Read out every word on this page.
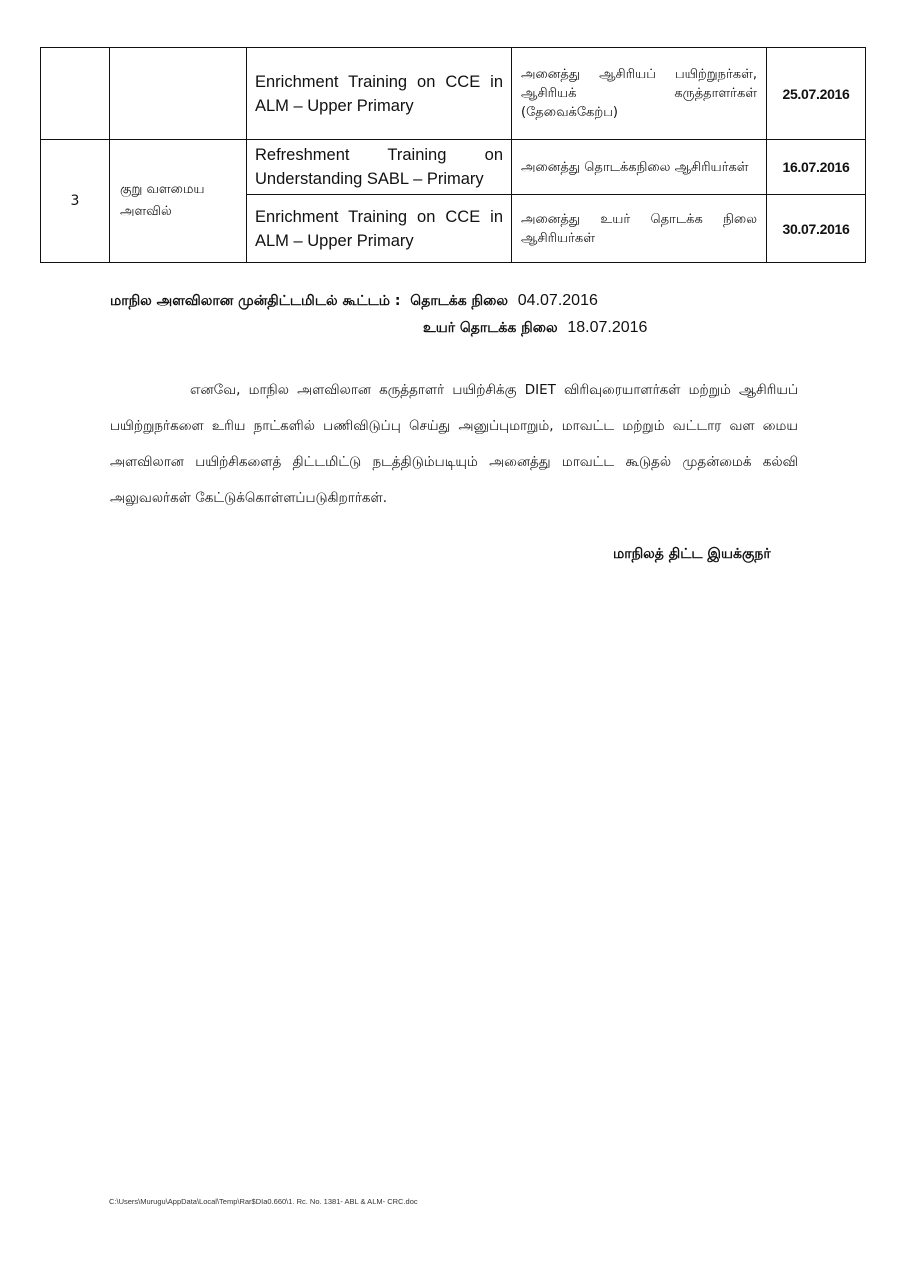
		Enrichment Training on CCE in ALM – Upper Primary	அனைத்து ஆசிரியப் பயிற்றுநர்கள், ஆசிரியக் கருத்தாளர்கள் (தேவைக்கேற்ப)	25.07.2016
3	குறு வளமைய அளவில்	Refreshment Training on Understanding SABL – Primary	அனைத்து தொடக்கநிலை ஆசிரியர்கள்	16.07.2016
		Enrichment Training on CCE in ALM – Upper Primary	அனைத்து உயர் தொடக்க நிலை ஆசிரியர்கள்	30.07.2016
மாநில அளவிலான முன்திட்டமிடல் கூட்டம் : தொடக்க நிலை 04.07.2016
உயர் தொடக்க நிலை 18.07.2016
எனவே, மாநில அளவிலான கருத்தாளர் பயிற்சிக்கு DIET விரிவுரையாளர்கள் மற்றும் ஆசிரியப் பயிற்றுநர்களை உரிய நாட்களில் பணிவிடுப்பு செய்து அனுப்புமாறும், மாவட்ட மற்றும் வட்டார வள மைய அளவிலான பயிற்சிகளைத் திட்டமிட்டு நடத்திடும்படியும் அனைத்து மாவட்ட கூடுதல் முதன்மைக் கல்வி அலுவலர்கள் கேட்டுக்கொள்ளப்படுகிறார்கள்.
மாநிலத் திட்ட இயக்குநர்
C:\Users\Murugu\AppData\Local\Temp\Rar$DIa0.660\1. Rc. No. 1381- ABL & ALM- CRC.doc
